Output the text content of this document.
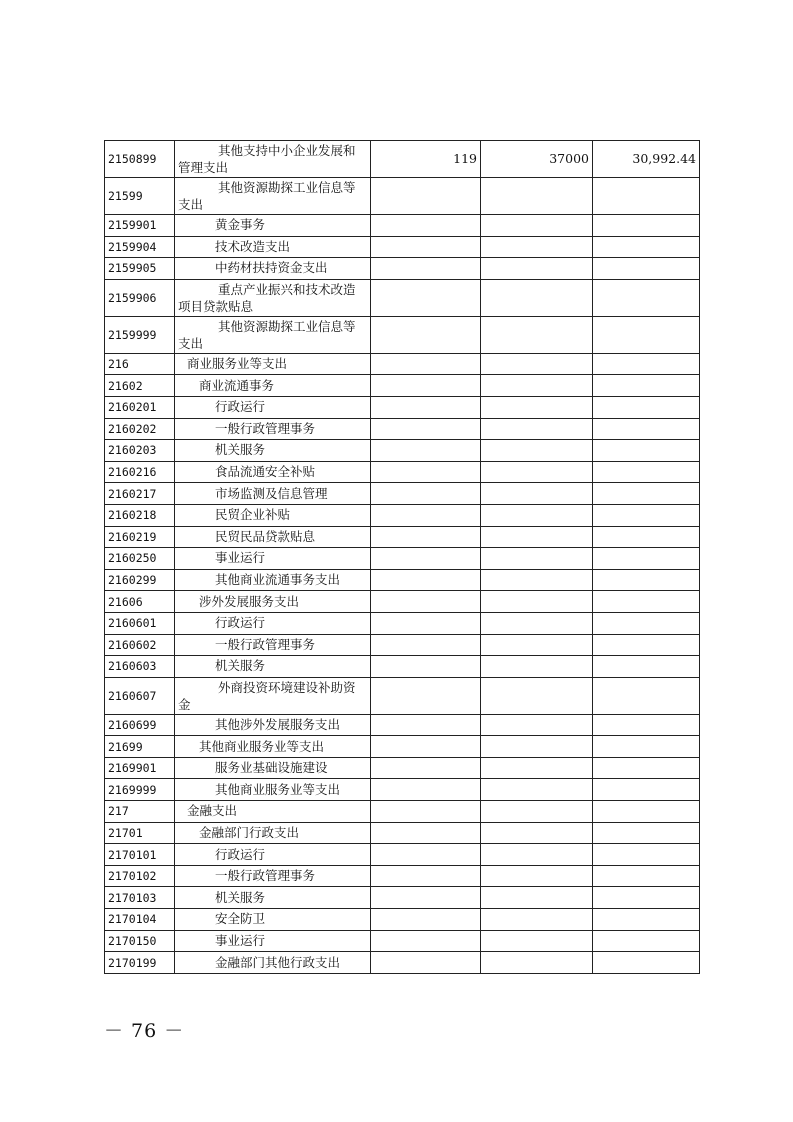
2150899	其他支持中小企业发展和管理支出	119	37000	30,992.44
21599	其他资源勘探工业信息等支出			
2159901	黄金事务			
2159904	技术改造支出			
2159905	中药材扶持资金支出			
2159906	重点产业振兴和技术改造项目贷款贴息			
2159999	其他资源勘探工业信息等支出			
216	商业服务业等支出			
21602	商业流通事务			
2160201	行政运行			
2160202	一般行政管理事务			
2160203	机关服务			
2160216	食品流通安全补贴			
2160217	市场监测及信息管理			
2160218	民贸企业补贴			
2160219	民贸民品贷款贴息			
2160250	事业运行			
2160299	其他商业流通事务支出			
21606	涉外发展服务支出			
2160601	行政运行			
2160602	一般行政管理事务			
2160603	机关服务			
2160607	外商投资环境建设补助资金			
2160699	其他涉外发展服务支出			
21699	其他商业服务业等支出			
2169901	服务业基础设施建设			
2169999	其他商业服务业等支出			
217	金融支出			
21701	金融部门行政支出			
2170101	行政运行			
2170102	一般行政管理事务			
2170103	机关服务			
2170104	安全防卫			
2170150	事业运行			
2170199	金融部门其他行政支出			
－ 76 －
